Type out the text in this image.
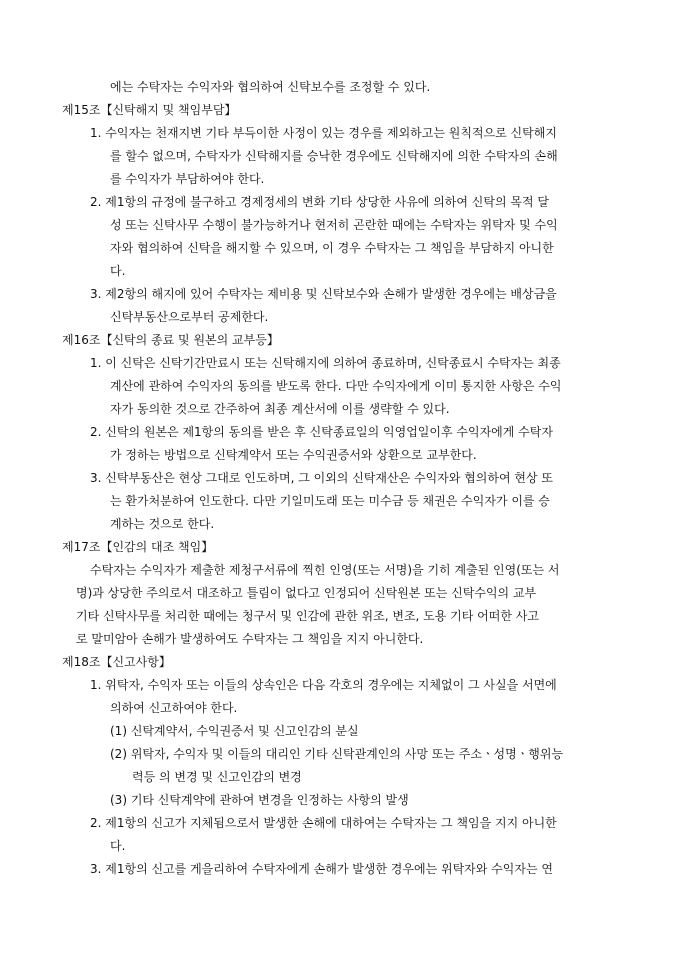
에는 수탁자는 수익자와 협의하여 신탁보수를 조정할 수 있다.
제15조【신탁해지 및 책임부담】
1. 수익자는 천재지변 기타 부득이한 사정이 있는 경우를 제외하고는 원칙적으로 신탁해지
를 할수 없으며, 수탁자가 신탁해지를 승낙한 경우에도 신탁해지에 의한 수탁자의 손해
를 수익자가 부담하여야 한다.
2. 제1항의 규정에 불구하고 경제정세의 변화 기타 상당한 사유에 의하여 신탁의 목적 달
성 또는 신탁사무 수행이 불가능하거나 현저히 곤란한 때에는 수탁자는 위탁자 및 수익
자와 협의하여 신탁을 해지할 수 있으며, 이 경우 수탁자는 그 책임을 부담하지 아니한
다.
3. 제2항의 해지에 있어 수탁자는 제비용 및 신탁보수와 손해가 발생한 경우에는 배상금을
신탁부동산으로부터 공제한다.
제16조【신탁의 종료 및 원본의 교부등】
1. 이 신탁은 신탁기간만료시 또는 신탁해지에 의하여 종료하며, 신탁종료시 수탁자는 최종
계산에 관하여 수익자의 동의를 받도록 한다. 다만 수익자에게 이미 통지한 사항은 수익
자가 동의한 것으로 간주하여 최종 계산서에 이를 생략할 수 있다.
2. 신탁의 원본은 제1항의 동의를 받은 후 신탁종료일의 익영업일이후 수익자에게 수탁자
가 정하는 방법으로 신탁계약서 또는 수익권증서와 상환으로 교부한다.
3. 신탁부동산은 현상 그대로 인도하며, 그 이외의 신탁재산은 수익자와 협의하여 현상 또
는 환가처분하여 인도한다. 다만 기일미도래 또는 미수금 등 채권은 수익자가 이를 승
계하는 것으로 한다.
제17조【인감의 대조 책임】
수탁자는 수익자가 제출한 제청구서류에 찍힌 인영(또는 서명)을 기히 계출된 인영(또는 서
명)과 상당한 주의로서 대조하고 틀림이 없다고 인정되어 신탁원본 또는 신탁수익의 교부
기타 신탁사무를 처리한 때에는 청구서 및 인감에 관한 위조, 변조, 도용 기타 어떠한 사고
로 말미암아 손해가 발생하여도 수탁자는 그 책임을 지지 아니한다.
제18조【신고사항】
1. 위탁자, 수익자 또는 이들의 상속인은 다음 각호의 경우에는 지체없이 그 사실을 서면에
의하여 신고하여야 한다.
(1) 신탁계약서, 수익권증서 및 신고인감의 분실
(2) 위탁자, 수익자 및 이들의 대리인 기타 신탁관계인의 사망 또는 주소ㆍ성명ㆍ행위능
력등 의 변경 및 신고인감의 변경
(3) 기타 신탁계약에 관하여 변경을 인정하는 사항의 발생
2. 제1항의 신고가 지체됨으로서 발생한 손해에 대하여는 수탁자는 그 책임을 지지 아니한
다.
3. 제1항의 신고를 게을리하여 수탁자에게 손해가 발생한 경우에는 위탁자와 수익자는 연
